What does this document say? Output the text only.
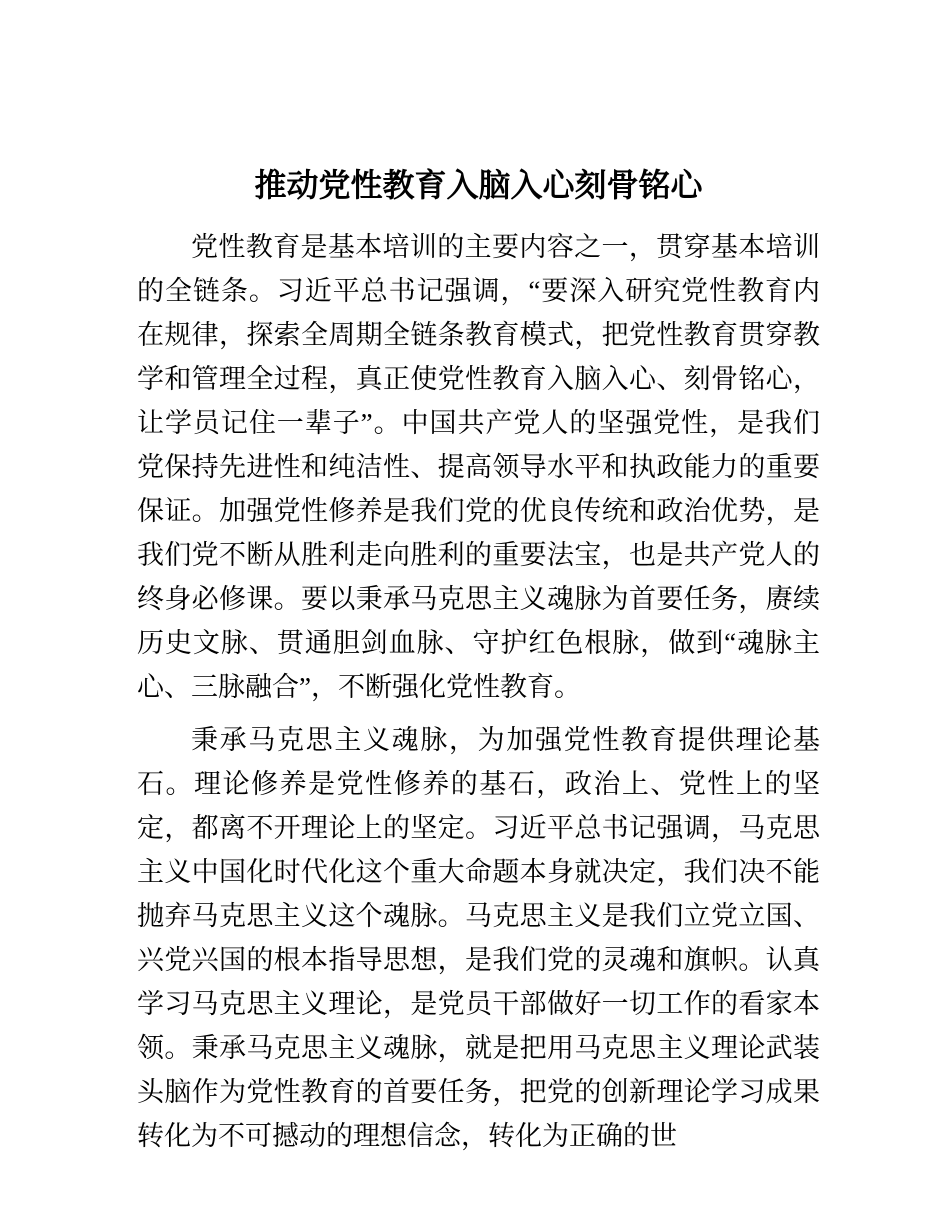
推动党性教育入脑入心刻骨铭心

党性教育是基本培训的主要内容之一，贯穿基本培训的全链条。习近平总书记强调，“要深入研究党性教育内在规律，探索全周期全链条教育模式，把党性教育贯穿教学和管理全过程，真正使党性教育入脑入心、刻骨铭心，让学员记住一辈子”。中国共产党人的坚强党性，是我们党保持先进性和纯洁性、提高领导水平和执政能力的重要保证。加强党性修养是我们党的优良传统和政治优势，是我们党不断从胜利走向胜利的重要法宝，也是共产党人的终身必修课。要以秉承马克思主义魂脉为首要任务，赓续历史文脉、贯通胆剑血脉、守护红色根脉，做到“魂脉主心、三脉融合”，不断强化党性教育。

秉承马克思主义魂脉，为加强党性教育提供理论基石。理论修养是党性修养的基石，政治上、党性上的坚定，都离不开理论上的坚定。习近平总书记强调，马克思主义中国化时代化这个重大命题本身就决定，我们决不能抛弃马克思主义这个魂脉。马克思主义是我们立党立国、兴党兴国的根本指导思想，是我们党的灵魂和旗帜。认真学习马克思主义理论，是党员干部做好一切工作的看家本领。秉承马克思主义魂脉，就是把用马克思主义理论武装头脑作为党性教育的首要任务，把党的创新理论学习成果转化为不可撼动的理想信念，转化为正确的世
